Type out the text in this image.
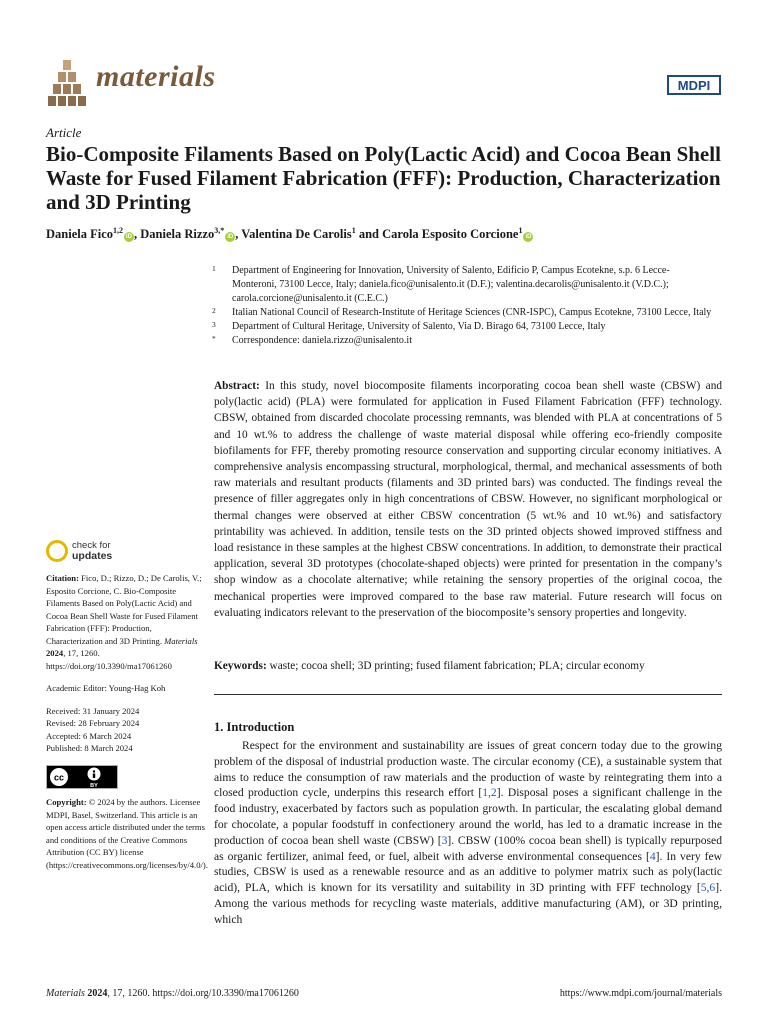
materials	MDPI
Article
Bio-Composite Filaments Based on Poly(Lactic Acid) and Cocoa Bean Shell Waste for Fused Filament Fabrication (FFF): Production, Characterization and 3D Printing
Daniela Fico$^{1,2}$iD , Daniela Rizzo$^{3,*}$iD , Valentina De Carolis$^1$ and Carola Esposito Corcione$^1$iD
1 Department of Engineering for Innovation, University of Salento, Edificio P, Campus Ecotekne, s.p. 6 Lecce-Monteroni, 73100 Lecce, Italy; daniela.fico@unisalento.it (D.F.); valentina.decarolis@unisalento.it (V.D.C.); carola.corcione@unisalento.it (C.E.C.)
2 Italian National Council of Research-Institute of Heritage Sciences (CNR-ISPC), Campus Ecotekne, 73100 Lecce, Italy
3 Department of Cultural Heritage, University of Salento, Via D. Birago 64, 73100 Lecce, Italy
* Correspondence: daniela.rizzo@unisalento.it

Abstract: In this study, novel biocomposite filaments incorporating cocoa bean shell waste (CBSW) and poly(lactic acid) (PLA) were formulated for application in Fused Filament Fabrication (FFF) technology. CBSW, obtained from discarded chocolate processing remnants, was blended with PLA at concentrations of 5 and 10 wt.% to address the challenge of waste material disposal while offering eco-friendly composite biofilaments for FFF, thereby promoting resource conservation and supporting circular economy initiatives. A comprehensive analysis encompassing structural, morphological, thermal, and mechanical assessments of both raw materials and resultant products (filaments and 3D printed bars) was conducted. The findings reveal the presence of filler aggregates only in high concentrations of CBSW. However, no significant morphological or thermal changes were observed at either CBSW concentration (5 wt.% and 10 wt.%) and satisfactory printability was achieved. In addition, tensile tests on the 3D printed objects showed improved stiffness and load resistance in these samples at the highest CBSW concentrations. In addition, to demonstrate their practical application, several 3D prototypes (chocolate-shaped objects) were printed for presentation in the company’s shop window as a chocolate alternative; while retaining the sensory properties of the original cocoa, the mechanical properties were improved compared to the base raw material. Future research will focus on evaluating indicators relevant to the preservation of the biocomposite’s sensory properties and longevity.

Keywords: waste; cocoa shell; 3D printing; fused filament fabrication; PLA; circular economy

1. Introduction

Respect for the environment and sustainability are issues of great concern today due to the growing problem of the disposal of industrial production waste. The circular economy (CE), a sustainable system that aims to reduce the consumption of raw materials and the production of waste by reintegrating them into a closed production cycle, underpins this research effort [1,2]. Disposal poses a significant challenge in the food industry, exacerbated by factors such as population growth. In particular, the escalating global demand for chocolate, a popular foodstuff in confectionery around the world, has led to a dramatic increase in the production of cocoa bean shell waste (CBSW) [3]. CBSW (100% cocoa bean shell) is typically repurposed as organic fertilizer, animal feed, or fuel, albeit with adverse environmental consequences [4]. In very few studies, CBSW is used as a renewable resource and as an additive to polymer matrix such as poly(lactic acid), PLA, which is known for its versatility and suitability in 3D printing with FFF technology [5,6]. Among the various methods for recycling waste materials, additive manufacturing (AM), or 3D printing, which

check for
updates
Citation: Fico, D.; Rizzo, D.; De Carolis, V.; Esposito Corcione, C. Bio-Composite Filaments Based on Poly(Lactic Acid) and Cocoa Bean Shell Waste for Fused Filament Fabrication (FFF): Production, Characterization and 3D Printing. Materials 2024, 17, 1260. https://doi.org/10.3390/ma17061260
Academic Editor: Young-Hag Koh
Received: 31 January 2024
Revised: 28 February 2024
Accepted: 6 March 2024
Published: 8 March 2024
cc
BY
Copyright: © 2024 by the authors. Licensee MDPI, Basel, Switzerland. This article is an open access article distributed under the terms and conditions of the Creative Commons Attribution (CC BY) license (https://creativecommons.org/licenses/by/4.0/).
Materials 2024, 17, 1260. https://doi.org/10.3390/ma17061260	https://www.mdpi.com/journal/materials
